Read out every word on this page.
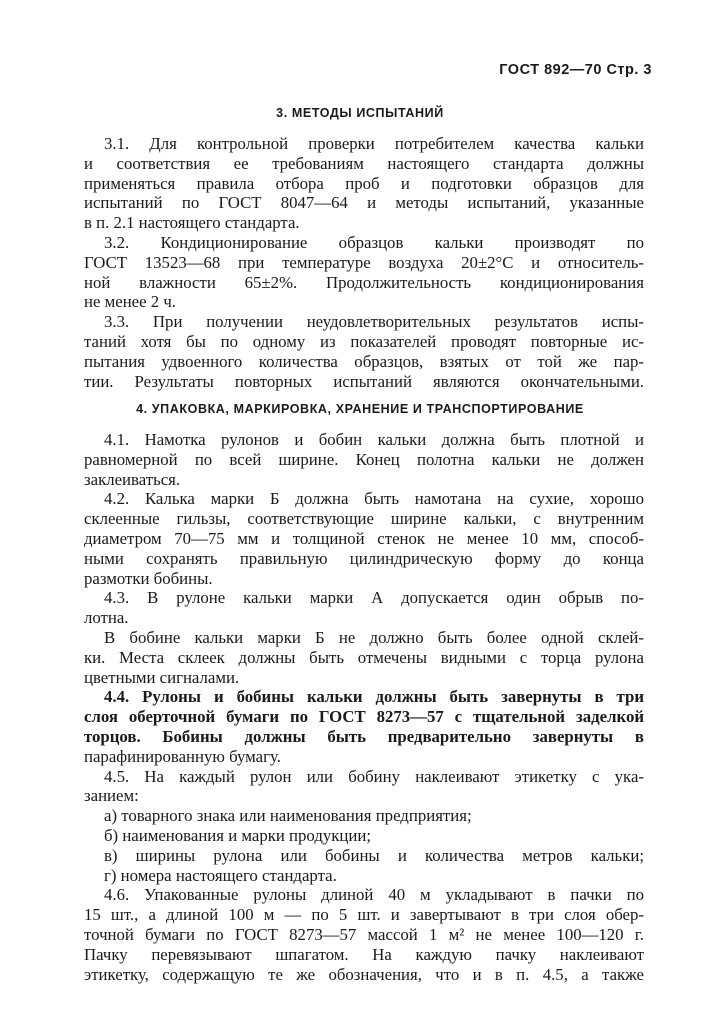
ГОСТ 892—70 Стр. 3
3. МЕТОДЫ ИСПЫТАНИЙ
3.1. Для контрольной проверки потребителем качества кальки
и соответствия ее требованиям настоящего стандарта должны
применяться правила отбора проб и подготовки образцов для
испытаний по ГОСТ 8047—64 и методы испытаний, указанные
в п. 2.1 настоящего стандарта.
3.2. Кондиционирование образцов кальки производят по
ГОСТ 13523—68 при температуре воздуха 20±2°С и относитель-
ной влажности 65±2%. Продолжительность кондиционирования
не менее 2 ч.
3.3. При получении неудовлетворительных результатов испы-
таний хотя бы по одному из показателей проводят повторные ис-
пытания удвоенного количества образцов, взятых от той же пар-
тии. Результаты повторных испытаний являются окончательными.
4. УПАКОВКА, МАРКИРОВКА, ХРАНЕНИЕ И ТРАНСПОРТИРОВАНИЕ
4.1. Намотка рулонов и бобин кальки должна быть плотной и
равномерной по всей ширине. Конец полотна кальки не должен
заклеиваться.
4.2. Калька марки Б должна быть намотана на сухие, хорошо
склеенные гильзы, соответствующие ширине кальки, с внутренним
диаметром 70—75 мм и толщиной стенок не менее 10 мм, способ-
ными сохранять правильную цилиндрическую форму до конца
размотки бобины.
4.3. В рулоне кальки марки А допускается один обрыв по-
лотна.
В бобине кальки марки Б не должно быть более одной склей-
ки. Места склеек должны быть отмечены видными с торца рулона
цветными сигналами.
4.4. Рулоны и бобины кальки должны быть завернуты в три
слоя оберточной бумаги по ГОСТ 8273—57 с тщательной заделкой
торцов. Бобины должны быть предварительно завернуты в
парафинированную бумагу.
4.5. На каждый рулон или бобину наклеивают этикетку с ука-
занием:
а) товарного знака или наименования предприятия;
б) наименования и марки продукции;
в) ширины рулона или бобины и количества метров кальки;
г) номера настоящего стандарта.
4.6. Упакованные рулоны длиной 40 м укладывают в пачки по
15 шт., а длиной 100 м — по 5 шт. и завертывают в три слоя обер-
точной бумаги по ГОСТ 8273—57 массой 1 м² не менее 100—120 г.
Пачку перевязывают шпагатом. На каждую пачку наклеивают
этикетку, содержащую те же обозначения, что и в п. 4.5, а также
